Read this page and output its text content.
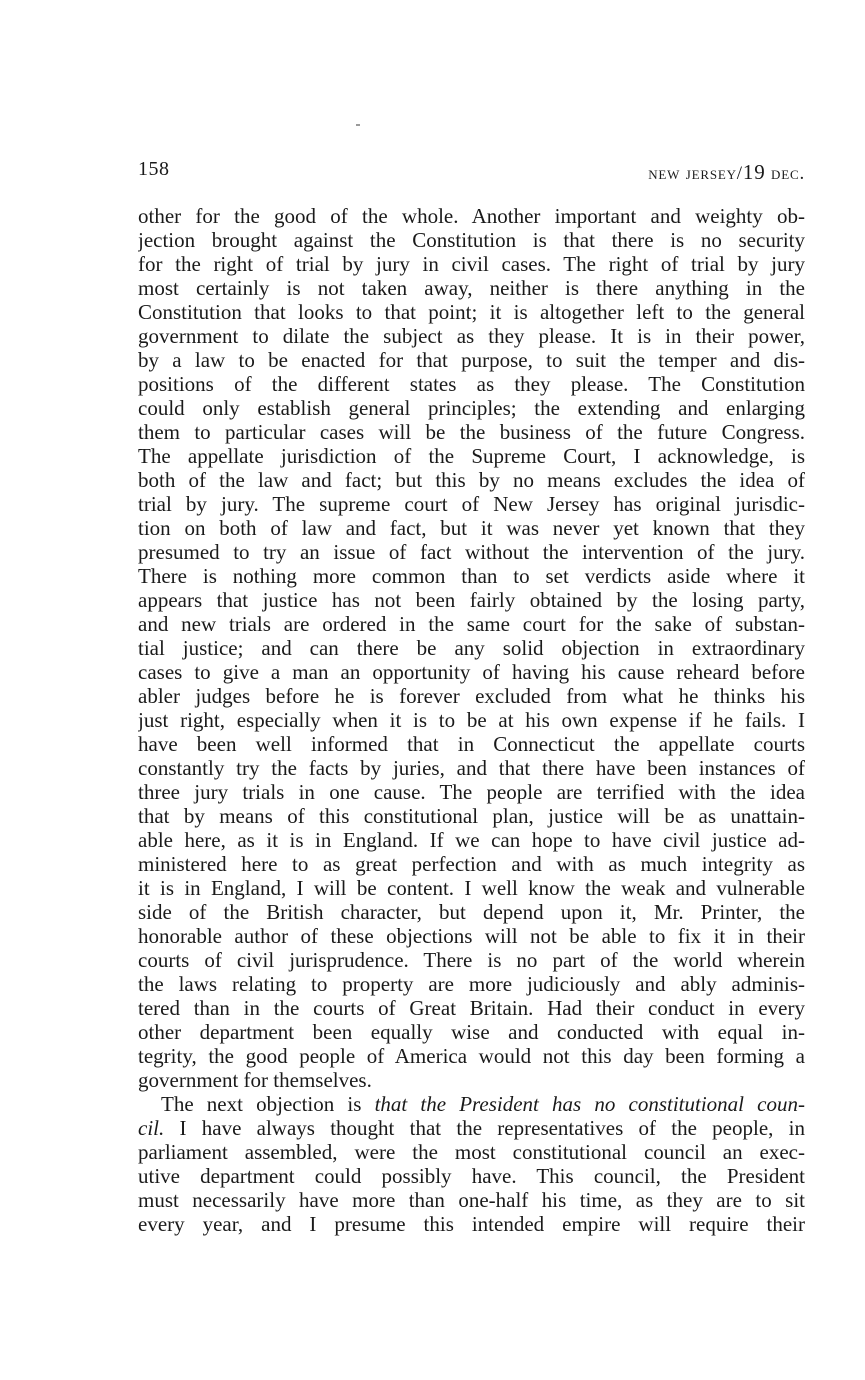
158	new jersey/19 dec.
other for the good of the whole. Another important and weighty ob-
jection brought against the Constitution is that there is no security
for the right of trial by jury in civil cases. The right of trial by jury
most certainly is not taken away, neither is there anything in the
Constitution that looks to that point; it is altogether left to the general
government to dilate the subject as they please. It is in their power,
by a law to be enacted for that purpose, to suit the temper and dis-
positions of the different states as they please. The Constitution
could only establish general principles; the extending and enlarging
them to particular cases will be the business of the future Congress.
The appellate jurisdiction of the Supreme Court, I acknowledge, is
both of the law and fact; but this by no means excludes the idea of
trial by jury. The supreme court of New Jersey has original jurisdic-
tion on both of law and fact, but it was never yet known that they
presumed to try an issue of fact without the intervention of the jury.
There is nothing more common than to set verdicts aside where it
appears that justice has not been fairly obtained by the losing party,
and new trials are ordered in the same court for the sake of substan-
tial justice; and can there be any solid objection in extraordinary
cases to give a man an opportunity of having his cause reheard before
abler judges before he is forever excluded from what he thinks his
just right, especially when it is to be at his own expense if he fails. I
have been well informed that in Connecticut the appellate courts
constantly try the facts by juries, and that there have been instances of
three jury trials in one cause. The people are terrified with the idea
that by means of this constitutional plan, justice will be as unattain-
able here, as it is in England. If we can hope to have civil justice ad-
ministered here to as great perfection and with as much integrity as
it is in England, I will be content. I well know the weak and vulnerable
side of the British character, but depend upon it, Mr. Printer, the
honorable author of these objections will not be able to fix it in their
courts of civil jurisprudence. There is no part of the world wherein
the laws relating to property are more judiciously and ably adminis-
tered than in the courts of Great Britain. Had their conduct in every
other department been equally wise and conducted with equal in-
tegrity, the good people of America would not this day been forming a
government for themselves.
The next objection is that the President has no constitutional coun-
cil. I have always thought that the representatives of the people, in
parliament assembled, were the most constitutional council an exec-
utive department could possibly have. This council, the President
must necessarily have more than one-half his time, as they are to sit
every year, and I presume this intended empire will require their
